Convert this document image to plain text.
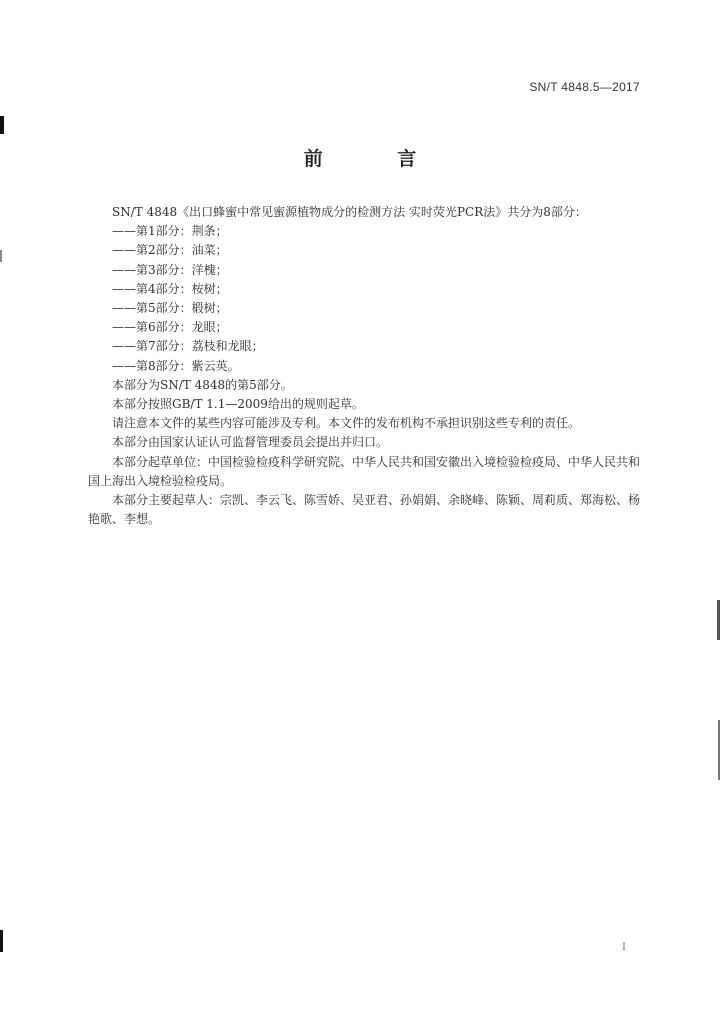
SN/T 4848.5—2017
前 言

SN/T 4848《出口蜂蜜中常见蜜源植物成分的检测方法 实时荧光PCR法》共分为8部分：

——第1部分：荆条；

——第2部分：油菜；

——第3部分：洋槐；

——第4部分：桉树；

——第5部分：椴树；

——第6部分：龙眼；

——第7部分：荔枝和龙眼；

——第8部分：紫云英。

本部分为SN/T 4848的第5部分。

本部分按照GB/T 1.1—2009给出的规则起草。

请注意本文件的某些内容可能涉及专利。本文件的发布机构不承担识别这些专利的责任。

本部分由国家认证认可监督管理委员会提出并归口。

本部分起草单位：中国检验检疫科学研究院、中华人民共和国安徽出入境检验检疫局、中华人民共和国上海出入境检验检疫局。

本部分主要起草人：宗凯、李云飞、陈雪娇、吴亚君、孙娟娟、余晓峰、陈颖、周莉质、郑海松、杨艳歌、李想。

I
